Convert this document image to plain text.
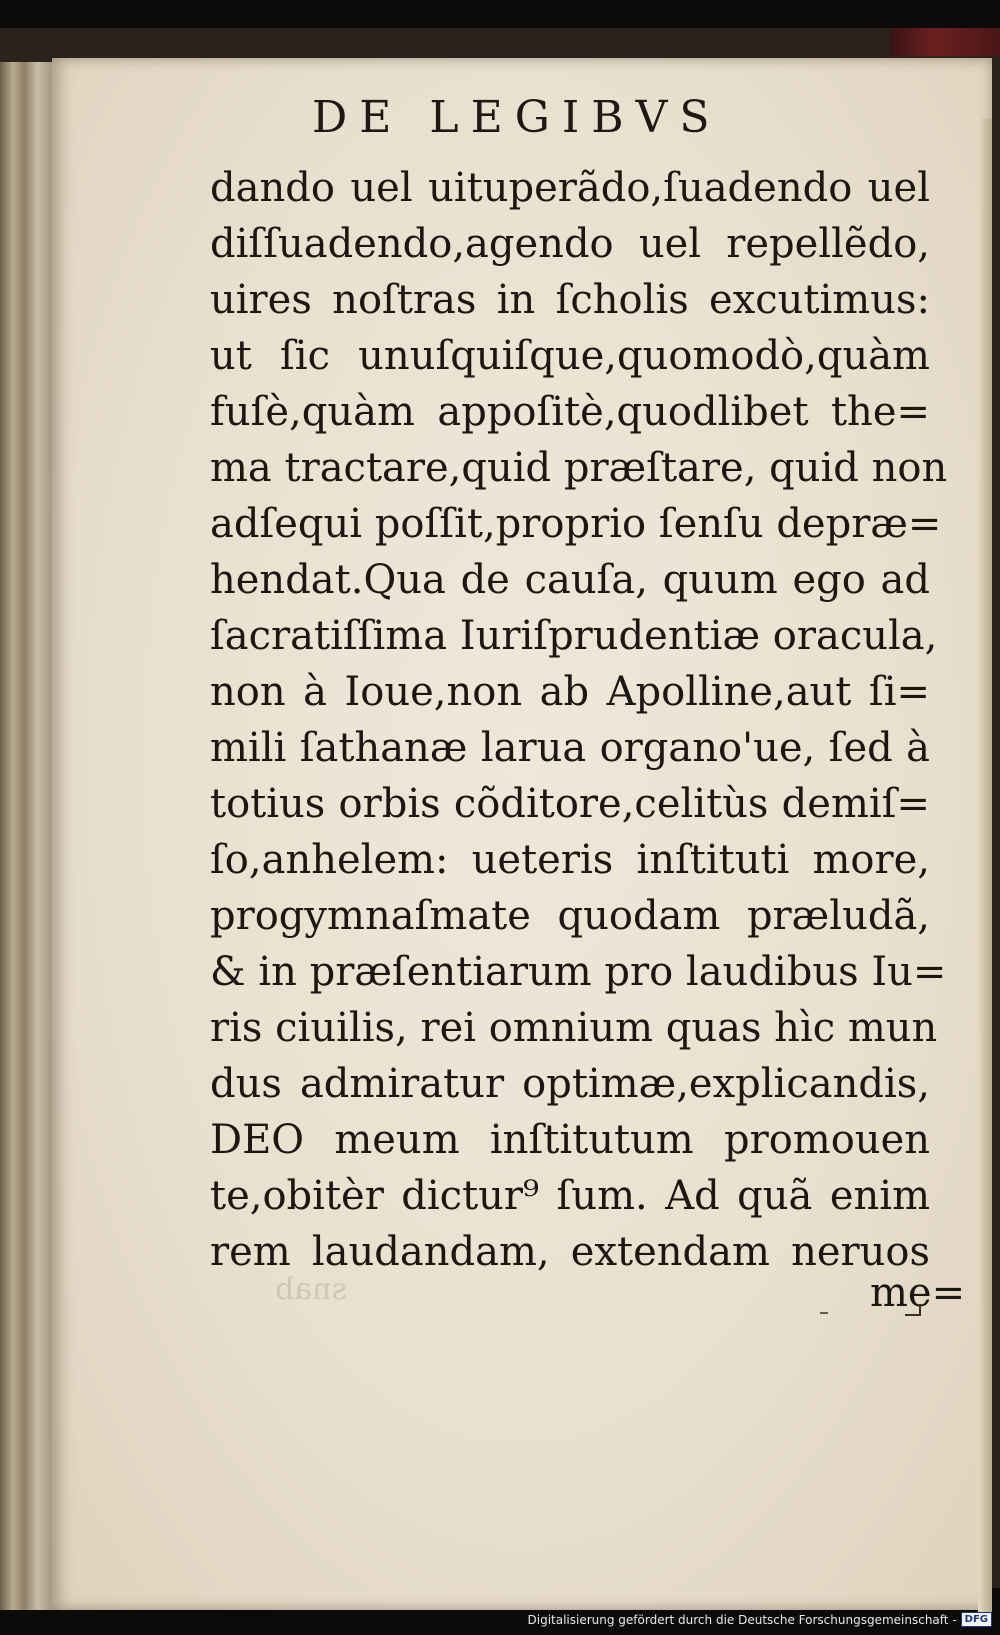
DE LEGIBVS
dando uel uituperãdo,ſuadendo uel
diſſuadendo,agendo uel repellẽdo,
uires noſtras in ſcholis excutimus:
ut ſic unuſquiſque,quomodò,quàm
fuſè,quàm appoſitè,quodlibet the=
ma tractare,quid præſtare, quid non
adſequi poſſit,proprio ſenſu depræ=
hendat.Qua de cauſa, quum ego ad
ſacratiſſima Iuriſprudentiæ oracula,
non à Ioue,non ab Apolline,aut ſi=
mili ſathanæ larua organo'ue, ſed à
totius orbis cõditore,celitùs demiſ=
ſo,anhelem: ueteris inſtituti more,
progymnaſmate quodam præludã,
& in præſentiarum pro laudibus Iu=
ris ciuilis, rei omnium quas hìc mun
dus admiratur optimæ,explicandis,
DEO meum inſtitutum promouen
te,obitèr dictur⁹ ſum. Ad quã enim
rem laudandam, extendam neruos
snab	me=
Digitalisierung gefördert durch die Deutsche Forschungsgemeinschaft - DFG
